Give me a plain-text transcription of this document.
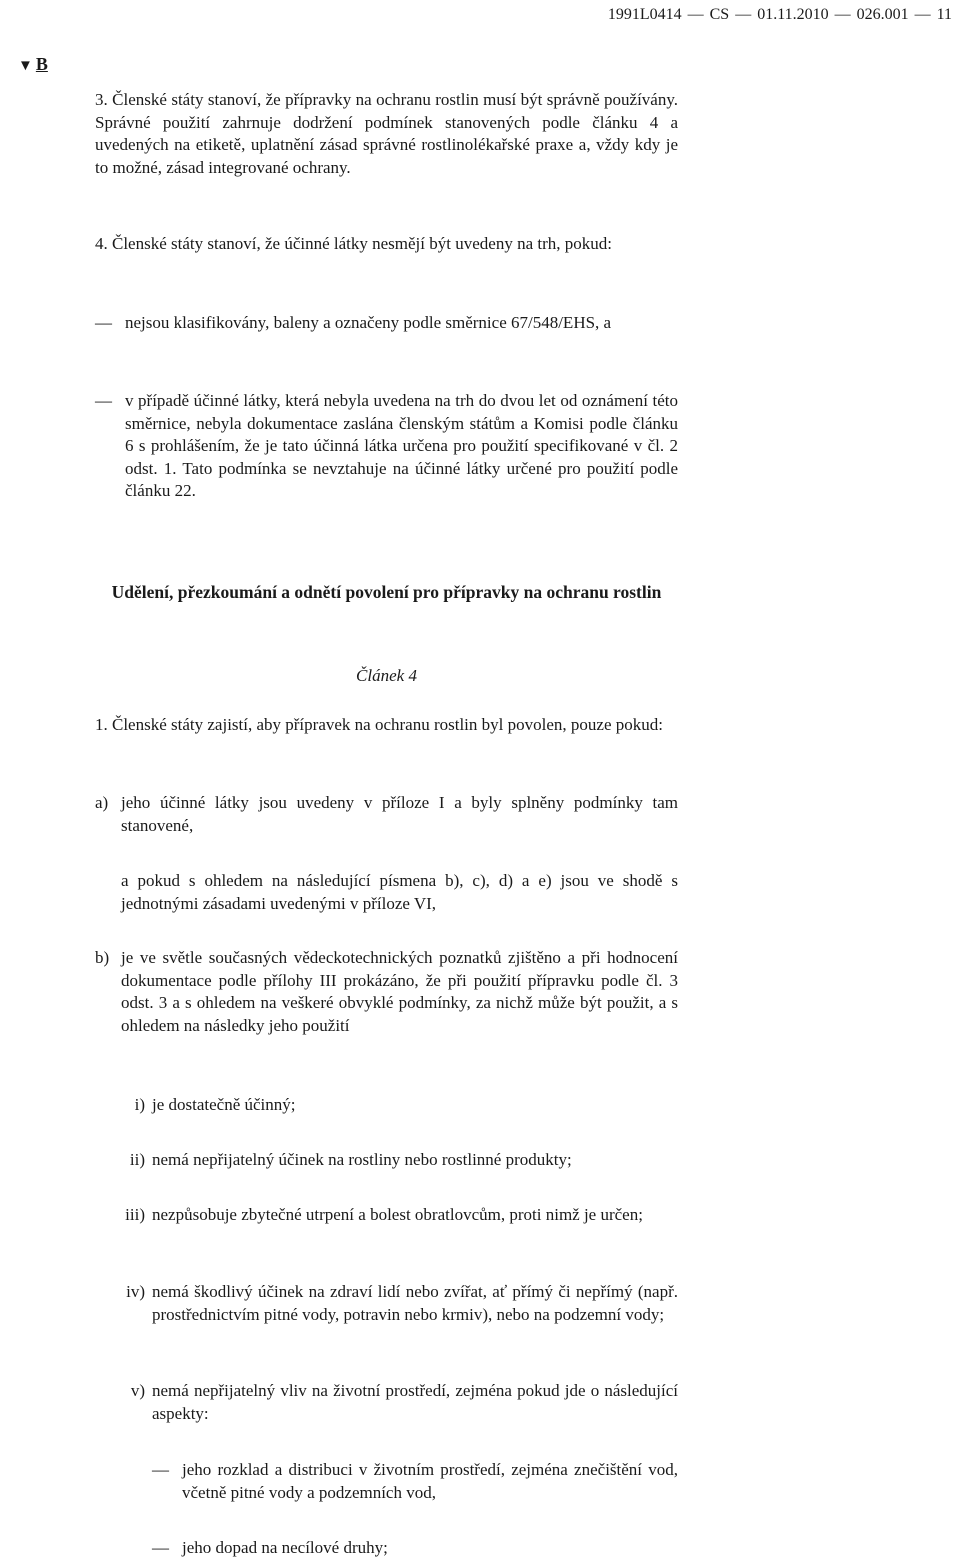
1991L0414 — CS — 01.11.2010 — 026.001 — 11
▼ B

3. Členské státy stanoví, že přípravky na ochranu rostlin musí být správně používány. Správné použití zahrnuje dodržení podmínek stanovených podle článku 4 a uvedených na etiketě, uplatnění zásad správné rostlinolékařské praxe a, vždy kdy je to možné, zásad integrované ochrany.

4. Členské státy stanoví, že účinné látky nesmějí být uvedeny na trh, pokud:

— nejsou klasifikovány, baleny a označeny podle směrnice 67/548/EHS, a
— v případě účinné látky, která nebyla uvedena na trh do dvou let od oznámení této směrnice, nebyla dokumentace zaslána členským státům a Komisi podle článku 6 s prohlášením, že je tato účinná látka určena pro použití specifikované v čl. 2 odst. 1. Tato podmínka se nevztahuje na účinné látky určené pro použití podle článku 22.
Udělení, přezkoumání a odnětí povolení pro přípravky na ochranu rostlin
Článek 4

1. Členské státy zajistí, aby přípravek na ochranu rostlin byl povolen, pouze pokud:

a) jeho účinné látky jsou uvedeny v příloze I a byly splněny podmínky tam stanovené,
a pokud s ohledem na následující písmena b), c), d) a e) jsou ve shodě s jednotnými zásadami uvedenými v příloze VI,
b) je ve světle současných vědeckotechnických poznatků zjištěno a při hodnocení dokumentace podle přílohy III prokázáno, že při použití přípravku podle čl. 3 odst. 3 a s ohledem na veškeré obvyklé podmínky, za nichž může být použit, a s ohledem na následky jeho použití
i) je dostatečně účinný;
ii) nemá nepřijatelný účinek na rostliny nebo rostlinné produkty;
iii) nezpůsobuje zbytečné utrpení a bolest obratlovcům, proti nimž je určen;
iv) nemá škodlivý účinek na zdraví lidí nebo zvířat, ať přímý či nepřímý (např. prostřednictvím pitné vody, potravin nebo krmiv), nebo na podzemní vody;
v) nemá nepřijatelný vliv na životní prostředí, zejména pokud jde o následující aspekty:
— jeho rozklad a distribuci v životním prostředí, zejména znečištění vod, včetně pitné vody a podzemních vod,
— jeho dopad na necílové druhy;
